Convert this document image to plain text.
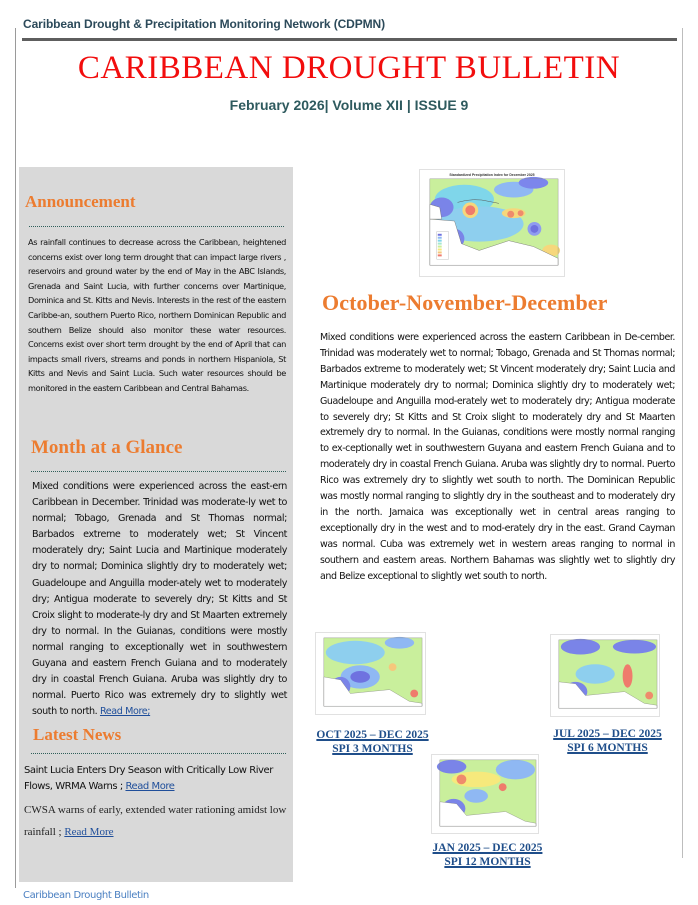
Caribbean Drought & Precipitation Monitoring Network (CDPMN)
CARIBBEAN DROUGHT BULLETIN
February 2026| Volume XII | ISSUE 9
Announcement
As rainfall continues to decrease across the Caribbean, heightened concerns exist over long term drought that can impact large rivers , reservoirs and ground water by the end of May in the ABC Islands, Grenada and Saint Lucia, with further concerns over Martinique, Dominica and St. Kitts and Nevis. Interests in the rest of the eastern Caribbe-an, southern Puerto Rico, northern Dominican Republic and southern Belize should also monitor these water resources. Concerns exist over short term drought by the end of April that can impacts small rivers, streams and ponds in northern Hispaniola, St Kitts and Nevis and Saint Lucia. Such water resources should be monitored in the eastern Caribbean and Central Bahamas.
Month at a Glance
Mixed conditions were experienced across the east-ern Caribbean in December. Trinidad was moderate-ly wet to normal; Tobago, Grenada and St Thomas normal; Barbados extreme to moderately wet; St Vincent moderately dry; Saint Lucia and Martinique moderately dry to normal; Dominica slightly dry to moderately wet; Guadeloupe and Anguilla moder-ately wet to moderately dry; Antigua moderate to severely dry; St Kitts and St Croix slight to moderate-ly dry and St Maarten extremely dry to normal. In the Guianas, conditions were mostly normal ranging to exceptionally wet in southwestern Guyana and eastern French Guiana and to moderately dry in coastal French Guiana. Aruba was slightly dry to normal. Puerto Rico was extremely dry to slightly wet south to north. Read More;
Latest News
Saint Lucia Enters Dry Season with Critically Low River Flows, WRMA Warns ; Read More
CWSA warns of early, extended water rationing amidst low rainfall ; Read More
Standardized Precipitation Index for December 2025
October-November-December
Mixed conditions were experienced across the eastern Caribbean in De-cember. Trinidad was moderately wet to normal; Tobago, Grenada and St Thomas normal; Barbados extreme to moderately wet; St Vincent moderately dry; Saint Lucia and Martinique moderately dry to normal; Dominica slightly dry to moderately wet; Guadeloupe and Anguilla mod-erately wet to moderately dry; Antigua moderate to severely dry; St Kitts and St Croix slight to moderately dry and St Maarten extremely dry to normal. In the Guianas, conditions were mostly normal ranging to ex-ceptionally wet in southwestern Guyana and eastern French Guiana and to moderately dry in coastal French Guiana. Aruba was slightly dry to normal. Puerto Rico was extremely dry to slightly wet south to north. The Dominican Republic was mostly normal ranging to slightly dry in the southeast and to moderately dry in the north. Jamaica was exceptionally wet in central areas ranging to exceptionally dry in the west and to mod-erately dry in the east. Grand Cayman was normal. Cuba was extremely wet in western areas ranging to normal in southern and eastern areas. Northern Bahamas was slightly wet to slightly dry and Belize exceptional to slightly wet south to north.
OCT 2025 – DEC 2025
SPI 3 MONTHS
JUL 2025 – DEC 2025
SPI 6 MONTHS
JAN 2025 – DEC 2025
SPI 12 MONTHS
Caribbean Drought Bulletin
